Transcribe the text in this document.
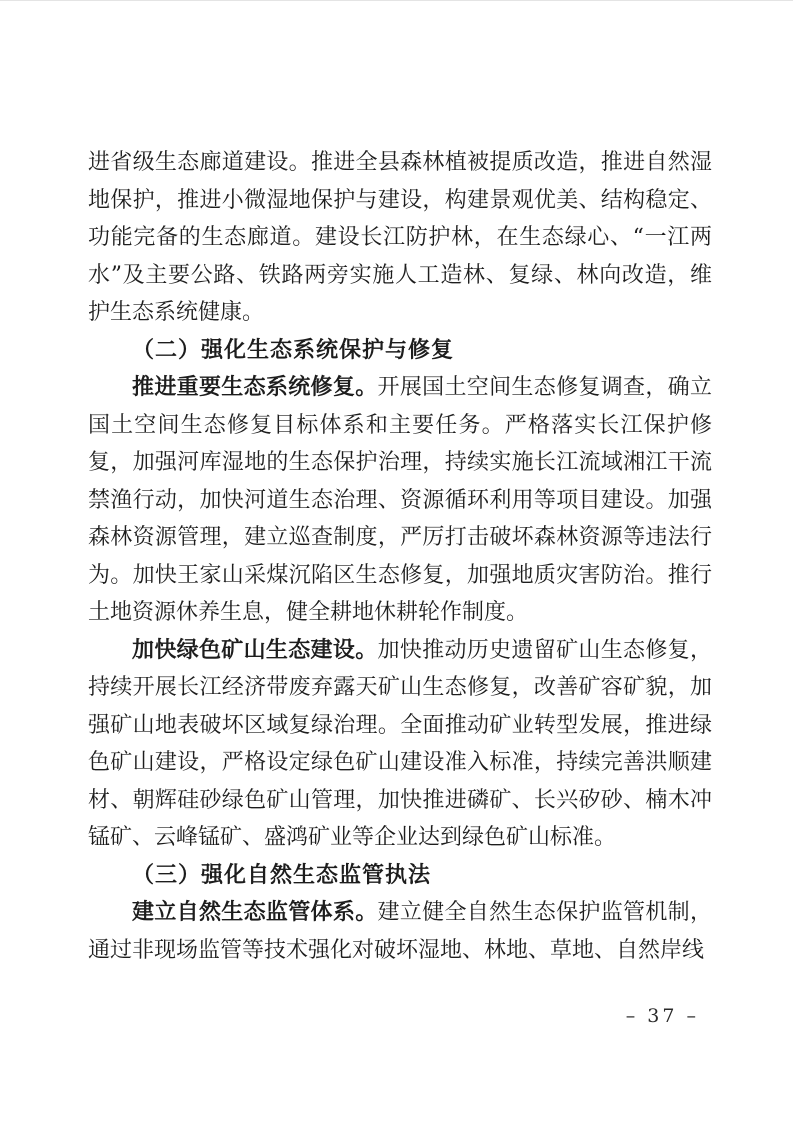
进省级生态廊道建设。推进全县森林植被提质改造，推进自然湿地保护，推进小微湿地保护与建设，构建景观优美、结构稳定、功能完备的生态廊道。建设长江防护林，在生态绿心、“一江两水”及主要公路、铁路两旁实施人工造林、复绿、林向改造，维护生态系统健康。

（二）强化生态系统保护与修复

推进重要生态系统修复。开展国土空间生态修复调查，确立国土空间生态修复目标体系和主要任务。严格落实长江保护修复，加强河库湿地的生态保护治理，持续实施长江流域湘江干流禁渔行动，加快河道生态治理、资源循环利用等项目建设。加强森林资源管理，建立巡查制度，严厉打击破坏森林资源等违法行为。加快王家山采煤沉陷区生态修复，加强地质灾害防治。推行土地资源休养生息，健全耕地休耕轮作制度。

加快绿色矿山生态建设。加快推动历史遗留矿山生态修复，持续开展长江经济带废弃露天矿山生态修复，改善矿容矿貌，加强矿山地表破坏区域复绿治理。全面推动矿业转型发展，推进绿色矿山建设，严格设定绿色矿山建设准入标准，持续完善洪顺建材、朝辉硅砂绿色矿山管理，加快推进磷矿、长兴矽砂、楠木冲锰矿、云峰锰矿、盛鸿矿业等企业达到绿色矿山标准。

（三）强化自然生态监管执法

建立自然生态监管体系。建立健全自然生态保护监管机制，通过非现场监管等技术强化对破坏湿地、林地、草地、自然岸线

– 37 –
